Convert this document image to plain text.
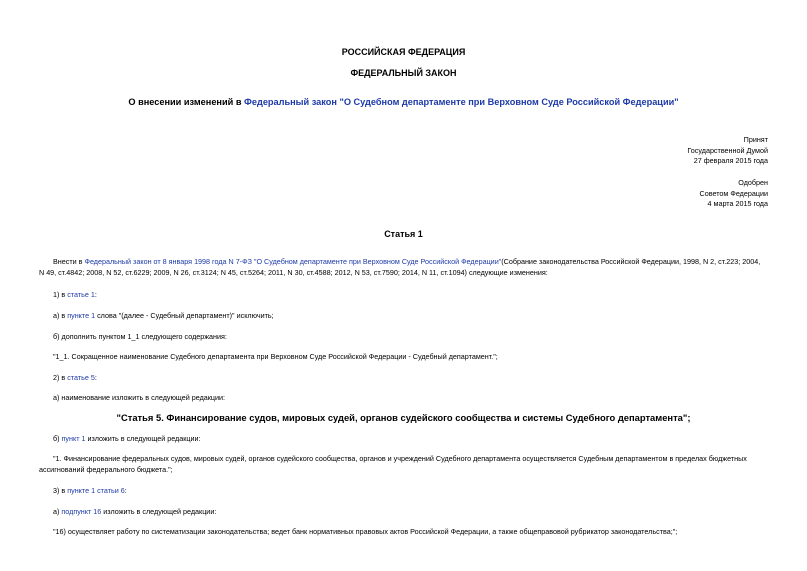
РОССИЙСКАЯ ФЕДЕРАЦИЯ
ФЕДЕРАЛЬНЫЙ ЗАКОН
О внесении изменений в Федеральный закон "О Судебном департаменте при Верховном Суде Российской Федерации"
Принят
Государственной Думой
27 февраля 2015 года
Одобрен
Советом Федерации
4 марта 2015 года
Статья 1
Внести в Федеральный закон от 8 января 1998 года N 7-ФЗ "О Судебном департаменте при Верховном Суде Российской Федерации"(Собрание законодательства Российской Федерации, 1998, N 2, ст.223; 2004,
N 49, ст.4842; 2008, N 52, ст.6229; 2009, N 26, ст.3124; N 45, ст.5264; 2011, N 30, ст.4588; 2012, N 53, ст.7590; 2014, N 11, ст.1094) следующие изменения:
1) в статье 1:
а) в пункте 1 слова "(далее - Судебный департамент)" исключить;
б) дополнить пунктом 1_1 следующего содержания:
"1_1. Сокращенное наименование Судебного департамента при Верховном Суде Российской Федерации - Судебный департамент.";
2) в статье 5:
а) наименование изложить в следующей редакции:
"Статья 5. Финансирование судов, мировых судей, органов судейского сообщества и системы Судебного департамента";
б) пункт 1 изложить в следующей редакции:
"1. Финансирование федеральных судов, мировых судей, органов судейского сообщества, органов и учреждений Судебного департамента осуществляется Судебным департаментом в пределах бюджетных
ассигнований федерального бюджета.";
3) в пункте 1 статьи 6:
а) подпункт 16 изложить в следующей редакции:
"16) осуществляет работу по систематизации законодательства; ведет банк нормативных правовых актов Российской Федерации, а также общеправовой рубрикатор законодательства;";
